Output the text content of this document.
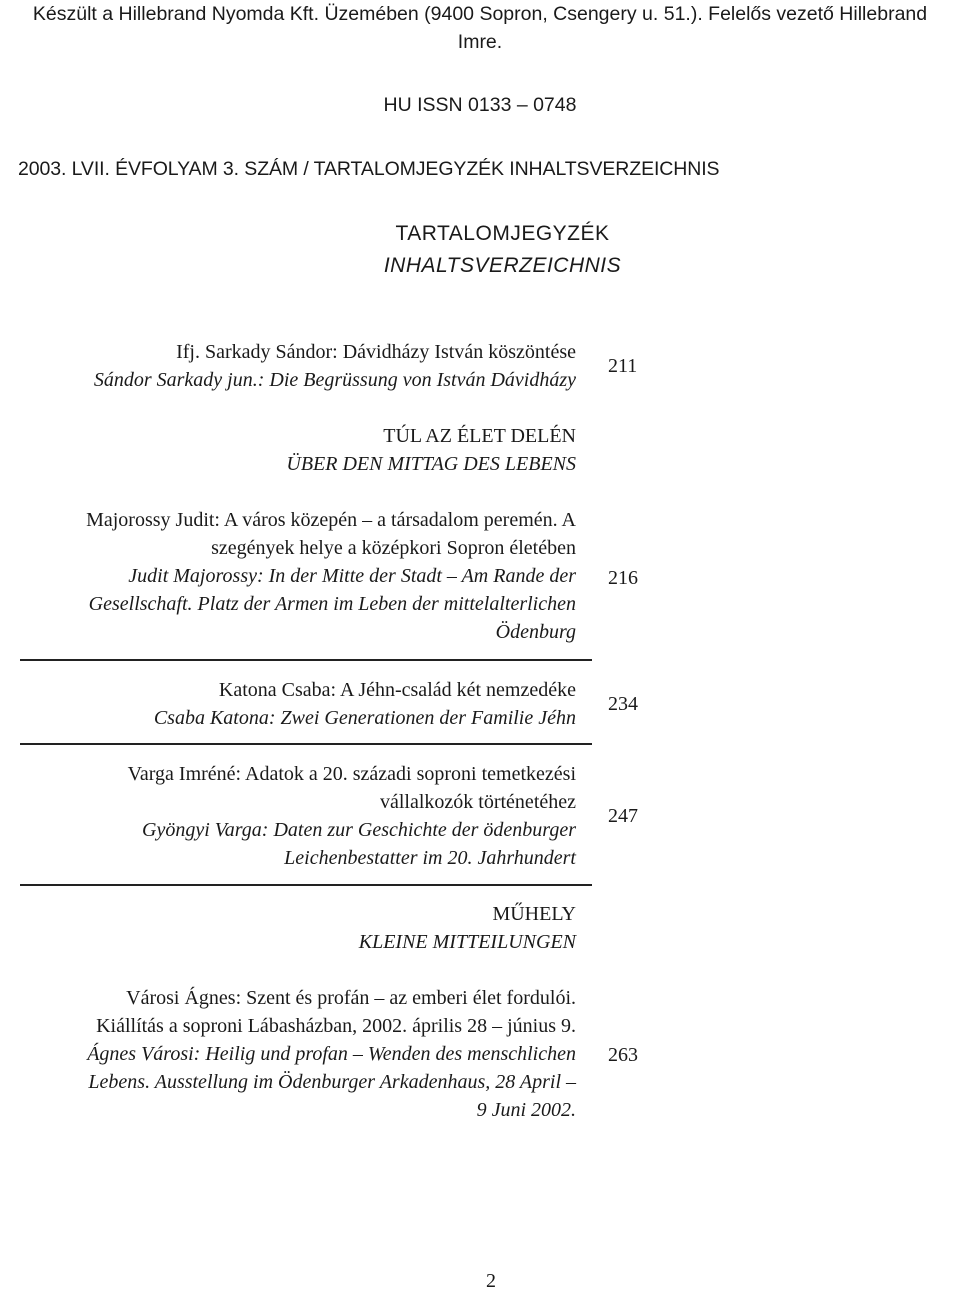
Készült a Hillebrand Nyomda Kft. Üzemében (9400 Sopron, Csengery u. 51.). Felelős vezető Hillebrand
Imre.
HU ISSN 0133 – 0748
2003. LVII. ÉVFOLYAM 3. SZÁM / TARTALOMJEGYZÉK INHALTSVERZEICHNIS
TARTALOMJEGYZÉK
INHALTSVERZEICHNIS
Ifj. Sarkady Sándor: Dávidházy István köszöntése
Sándor Sarkady jun.: Die Begrüssung von István Dávidházy
211
TÚL AZ ÉLET DELÉN
ÜBER DEN MITTAG DES LEBENS
Majorossy Judit: A város közepén – a társadalom peremén. A
szegények helye a középkori Sopron életében
Judit Majorossy: In der Mitte der Stadt – Am Rande der
Gesellschaft. Platz der Armen im Leben der mittelalterlichen
Ödenburg
216
Katona Csaba: A Jéhn-család két nemzedéke
Csaba Katona: Zwei Generationen der Familie Jéhn
234
Varga Imréné: Adatok a 20. századi soproni temetkezési
vállalkozók történetéhez
Gyöngyi Varga: Daten zur Geschichte der ödenburger
Leichenbestatter im 20. Jahrhundert
247
MŰHELY
KLEINE MITTEILUNGEN
Városi Ágnes: Szent és profán – az emberi élet fordulói.
Kiállítás a soproni Lábasházban, 2002. április 28 – június 9.
Ágnes Városi: Heilig und profan – Wenden des menschlichen
Lebens. Ausstellung im Ödenburger Arkadenhaus, 28 April –
9 Juni 2002.
263
2
